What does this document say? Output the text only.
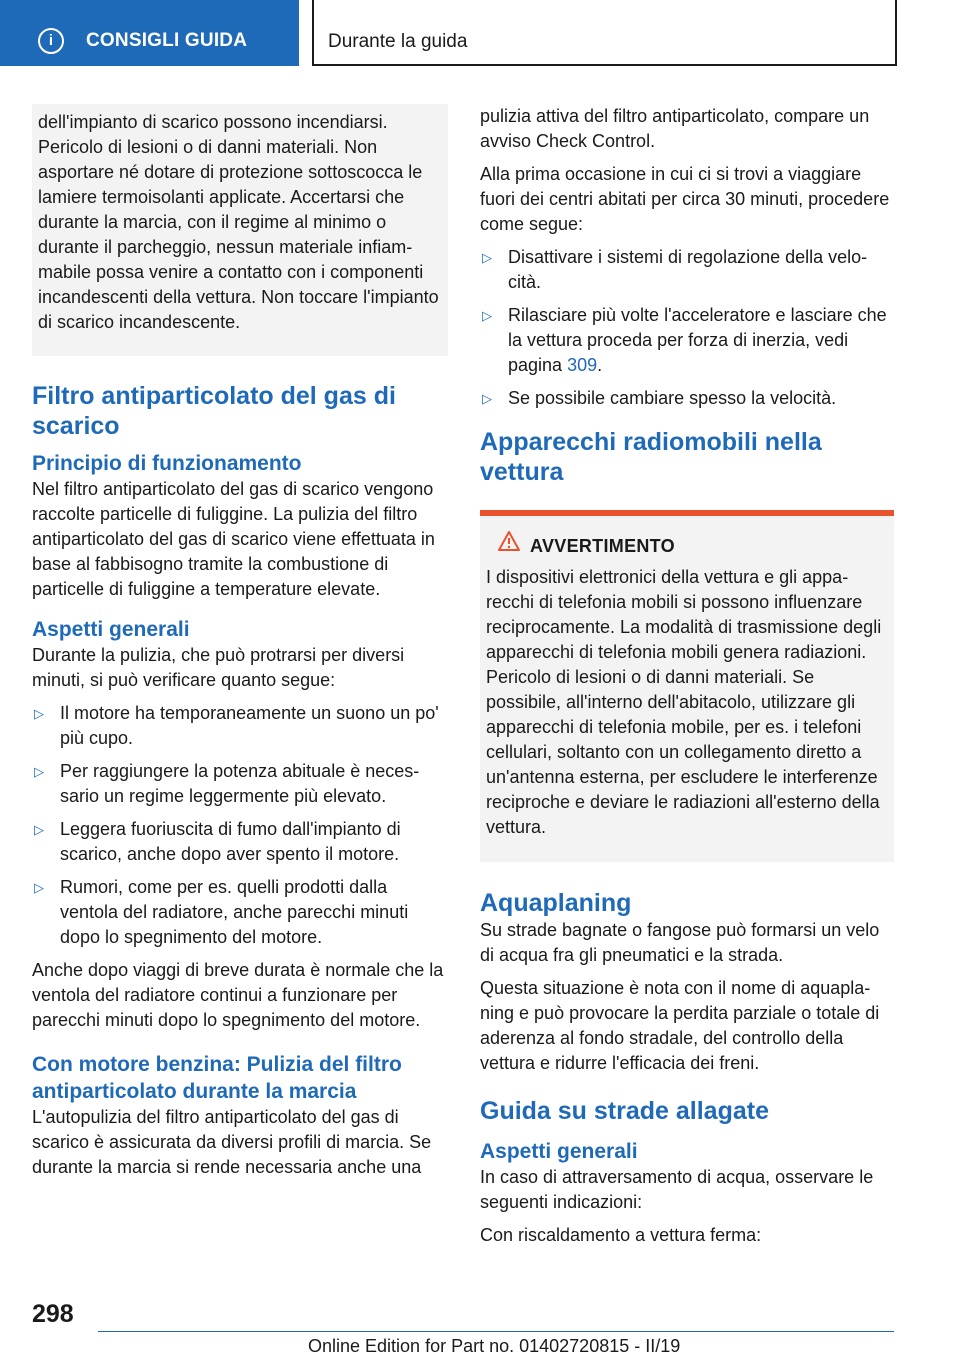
i	CONSIGLI GUIDA	Durante la guida

dell'impianto di scarico possono incendiarsi. Pericolo di lesioni o di danni materiali. Non asportare né dotare di protezione sottoscocca le lamiere termoisolanti applicate. Accertarsi che durante la marcia, con il regime al minimo o durante il parcheggio, nessun materiale infiammabile possa venire a contatto con i componenti incandescenti della vettura. Non toccare l'impianto di scarico incandescente.

Filtro antiparticolato del gas di scarico
Principio di funzionamento

Nel filtro antiparticolato del gas di scarico vengono raccolte particelle di fuliggine. La pulizia del filtro antiparticolato del gas di scarico viene effettuata in base al fabbisogno tramite la combustione di particelle di fuliggine a temperature elevate.

Aspetti generali

Durante la pulizia, che può protrarsi per diversi minuti, si può verificare quanto segue:

▷ Il motore ha temporaneamente un suono un po' più cupo.
▷ Per raggiungere la potenza abituale è necessario un regime leggermente più elevato.
▷ Leggera fuoriuscita di fumo dall'impianto di scarico, anche dopo aver spento il motore.
▷ Rumori, come per es. quelli prodotti dalla ventola del radiatore, anche parecchi minuti dopo lo spegnimento del motore.

Anche dopo viaggi di breve durata è normale che la ventola del radiatore continui a funzionare per parecchi minuti dopo lo spegnimento del motore.

Con motore benzina: Pulizia del filtro antiparticolato durante la marcia

L'autopulizia del filtro antiparticolato del gas di scarico è assicurata da diversi profili di marcia. Se durante la marcia si rende necessaria anche una

pulizia attiva del filtro antiparticolato, compare un avviso Check Control.

Alla prima occasione in cui ci si trovi a viaggiare fuori dei centri abitati per circa 30 minuti, procedere come segue:

▷ Disattivare i sistemi di regolazione della velocità.
▷ Rilasciare più volte l'acceleratore e lasciare che la vettura proceda per forza di inerzia, vedi pagina 309.
▷ Se possibile cambiare spesso la velocità.
Apparecchi radiomobili nella vettura
AVVERTIMENTO
I dispositivi elettronici della vettura e gli apparecchi di telefonia mobili si possono influenzare reciprocamente. La modalità di trasmissione degli apparecchi di telefonia mobili genera radiazioni. Pericolo di lesioni o di danni materiali. Se possibile, all'interno dell'abitacolo, utilizzare gli apparecchi di telefonia mobile, per es. i telefoni cellulari, soltanto con un collegamento diretto a un'antenna esterna, per escludere le interferenze reciproche e deviare le radiazioni all'esterno della vettura.
Aquaplaning

Su strade bagnate o fangose può formarsi un velo di acqua fra gli pneumatici e la strada.

Questa situazione è nota con il nome di aquaplaning e può provocare la perdita parziale o totale di aderenza al fondo stradale, del controllo della vettura e ridurre l'efficacia dei freni.

Guida su strade allagate
Aspetti generali

In caso di attraversamento di acqua, osservare le seguenti indicazioni:

Con riscaldamento a vettura ferma:

298
Online Edition for Part no. 01402720815 - II/19
